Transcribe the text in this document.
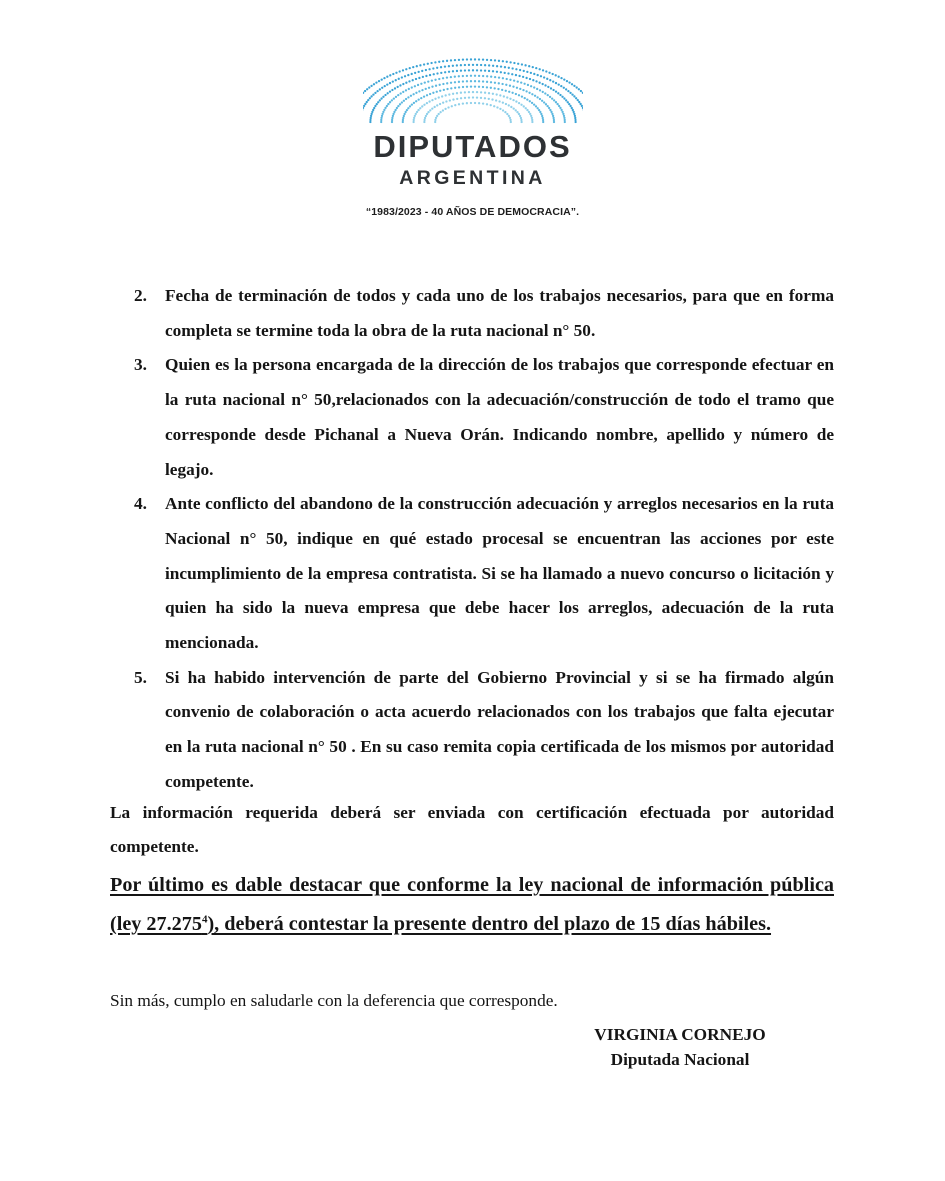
DIPUTADOS
ARGENTINA
“1983/2023 - 40 AÑOS DE DEMOCRACIA”.
2. Fecha de terminación de todos y cada uno de los trabajos necesarios, para que en forma completa se termine toda la obra de la ruta nacional n° 50.
3. Quien es la persona encargada de la dirección de los trabajos que corresponde efectuar en la ruta nacional n° 50,relacionados con la adecuación/construcción de todo el tramo que corresponde desde Pichanal a Nueva Orán. Indicando nombre, apellido y número de legajo.
4. Ante conflicto del abandono de la construcción adecuación y arreglos necesarios en la ruta Nacional n° 50, indique en qué estado procesal se encuentran las acciones por este incumplimiento de la empresa contratista. Si se ha llamado a nuevo concurso o licitación y quien ha sido la nueva empresa que debe hacer los arreglos, adecuación de la ruta mencionada.
5. Si ha habido intervención de parte del Gobierno Provincial y si se ha firmado algún convenio de colaboración o acta acuerdo relacionados con los trabajos que falta ejecutar en la ruta nacional n° 50 . En su caso remita copia certificada de los mismos por autoridad competente.

La información requerida deberá ser enviada con certificación efectuada por autoridad competente.

Por último es dable destacar que conforme la ley nacional de información pública (ley 27.275$^4$), deberá contestar la presente dentro del plazo de 15 días hábiles.

Sin más, cumplo en saludarle con la deferencia que corresponde.

VIRGINIA CORNEJO
Diputada Nacional
